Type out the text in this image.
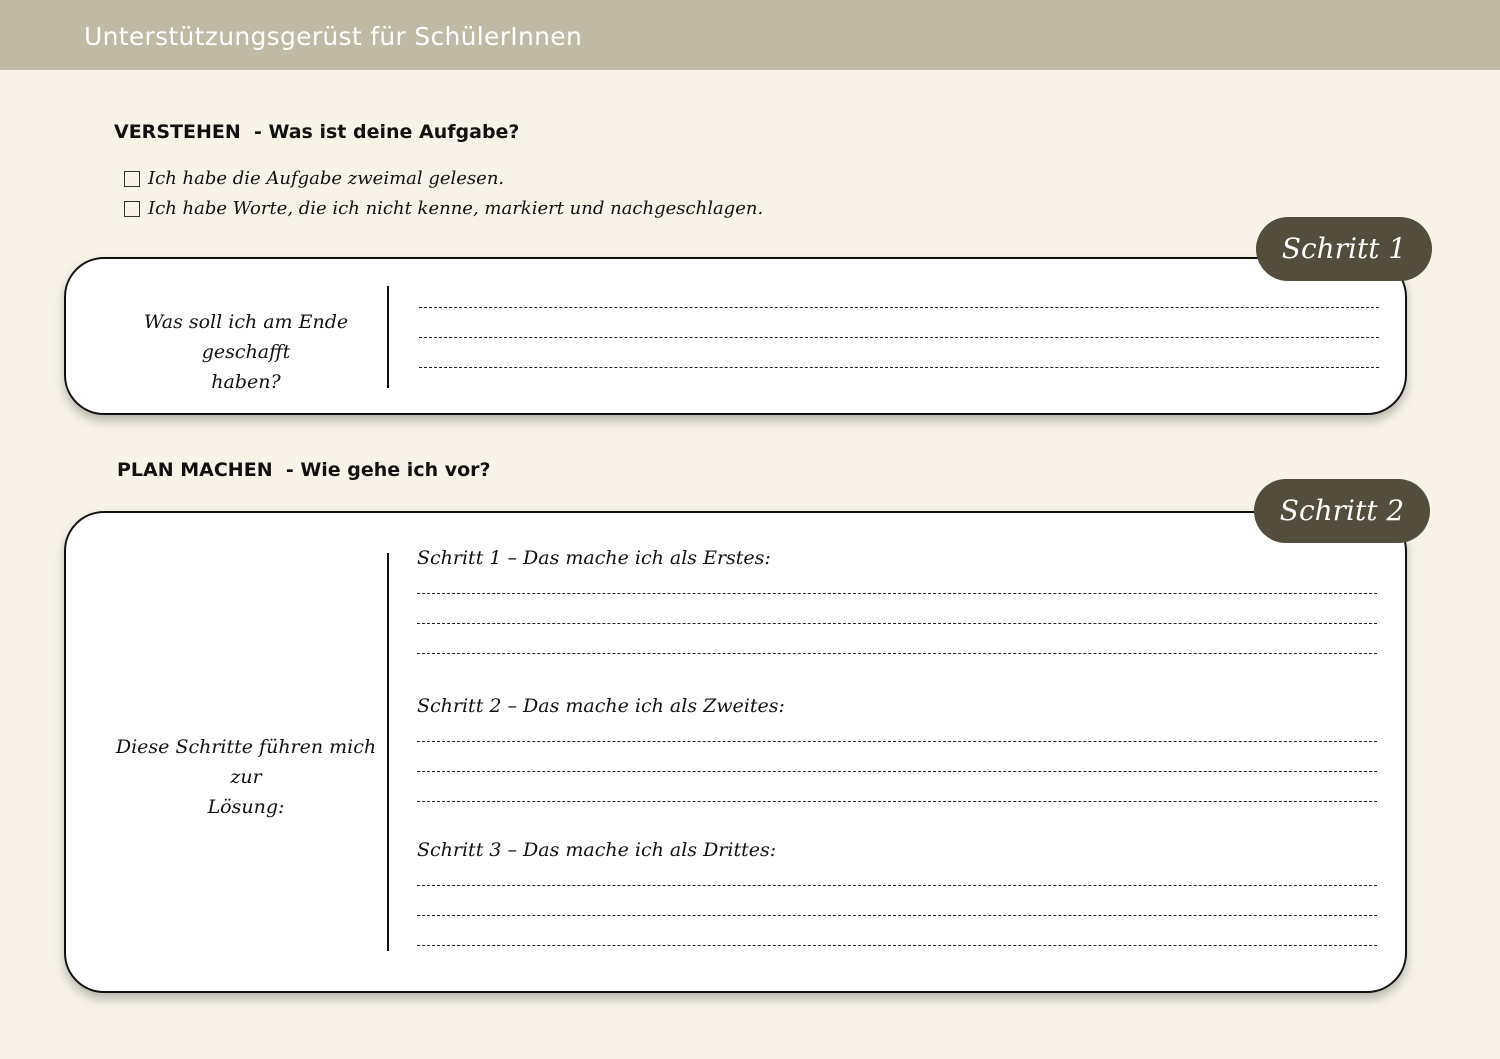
Unterstützungsgerüst für SchülerInnen
VERSTEHEN  - Was ist deine Aufgabe?
Ich habe die Aufgabe zweimal gelesen.
Ich habe Worte, die ich nicht kenne, markiert und nachgeschlagen.
Was soll ich am Ende geschafft
haben?
Schritt 1
PLAN MACHEN  - Wie gehe ich vor?
Diese Schritte führen mich zur
Lösung:
Schritt 1 – Das mache ich als Erstes:
Schritt 2 – Das mache ich als Zweites:
Schritt 3 – Das mache ich als Drittes:
Schritt 2
